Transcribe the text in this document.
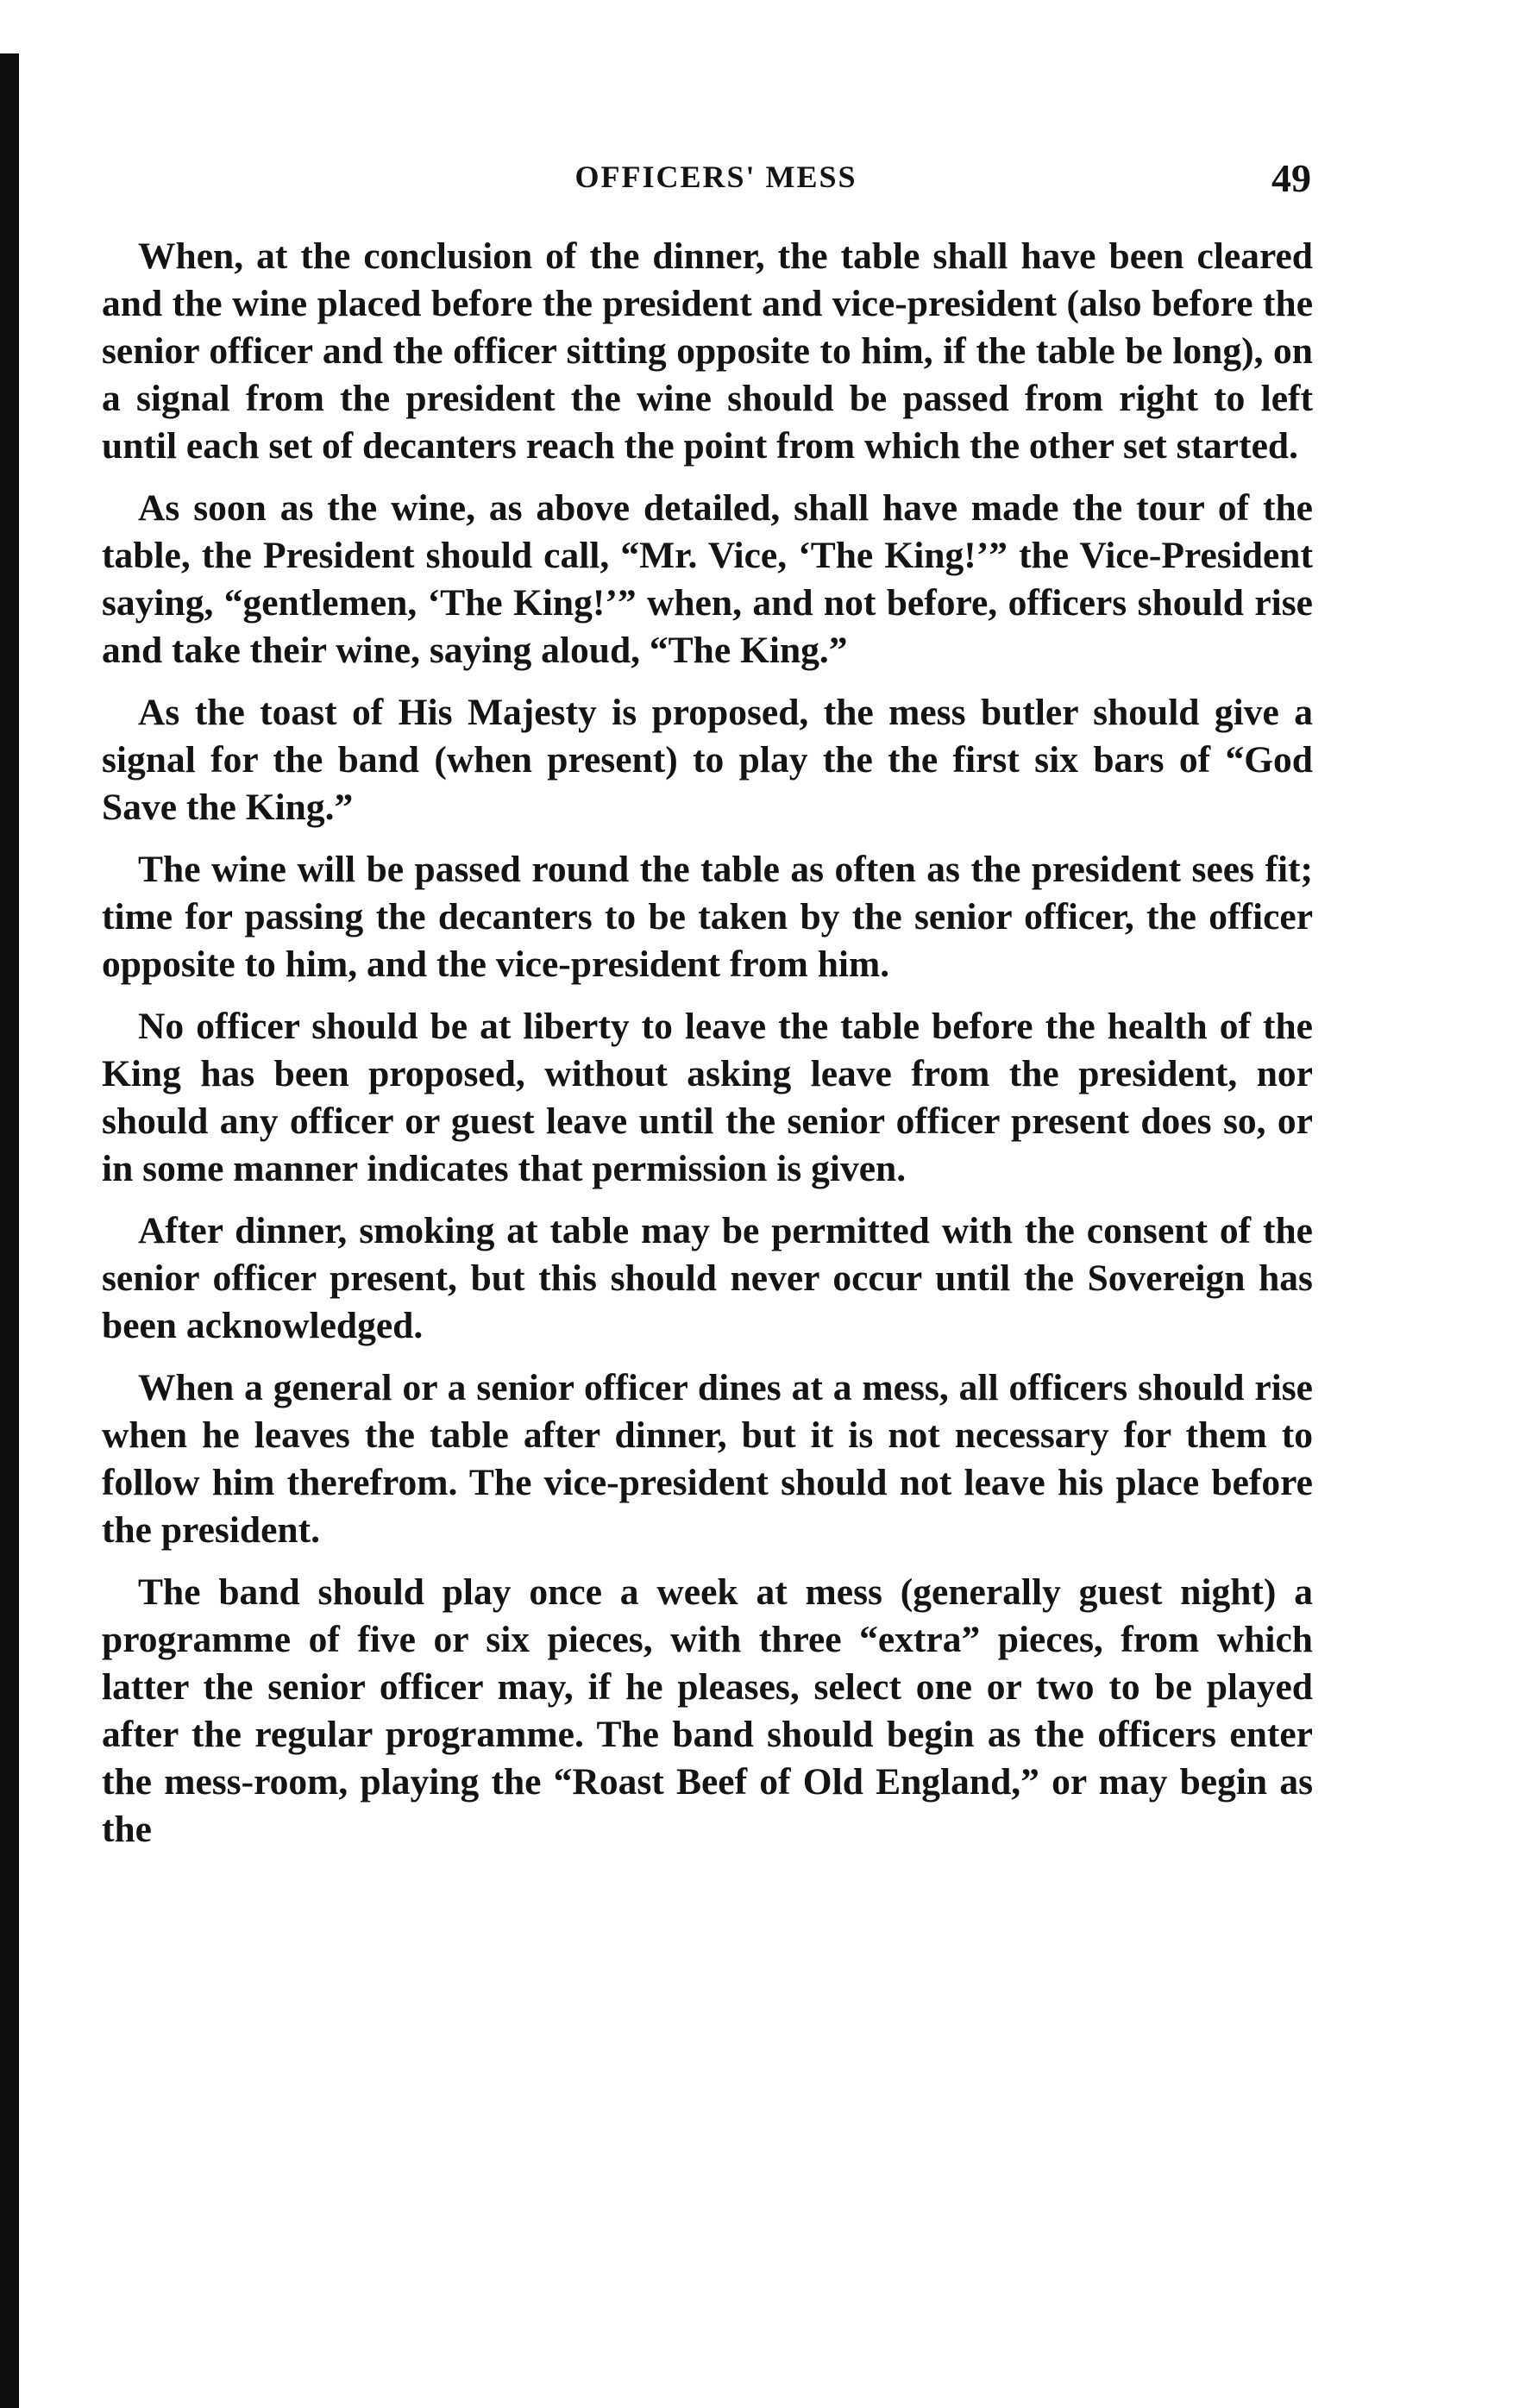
OFFICERS' MESS	49

When, at the conclusion of the dinner, the table shall have been cleared and the wine placed before the president and vice-president (also before the senior officer and the officer sitting opposite to him, if the table be long), on a signal from the president the wine should be passed from right to left until each set of decanters reach the point from which the other set started.

As soon as the wine, as above detailed, shall have made the tour of the table, the President should call, “Mr. Vice, ‘The King!’” the Vice-President saying, “gentlemen, ‘The King!’” when, and not before, officers should rise and take their wine, saying aloud, “The King.”

As the toast of His Majesty is proposed, the mess butler should give a signal for the band (when present) to play the the first six bars of “God Save the King.”

The wine will be passed round the table as often as the president sees fit; time for passing the decanters to be taken by the senior officer, the officer opposite to him, and the vice-president from him.

No officer should be at liberty to leave the table before the health of the King has been proposed, without asking leave from the president, nor should any officer or guest leave until the senior officer present does so, or in some manner indicates that permission is given.

After dinner, smoking at table may be permitted with the consent of the senior officer present, but this should never occur until the Sovereign has been acknowledged.

When a general or a senior officer dines at a mess, all officers should rise when he leaves the table after dinner, but it is not necessary for them to follow him therefrom. The vice-president should not leave his place before the president.

The band should play once a week at mess (generally guest night) a programme of five or six pieces, with three “extra” pieces, from which latter the senior officer may, if he pleases, select one or two to be played after the regular programme. The band should begin as the officers enter the mess-room, playing the “Roast Beef of Old England,” or may begin as the
